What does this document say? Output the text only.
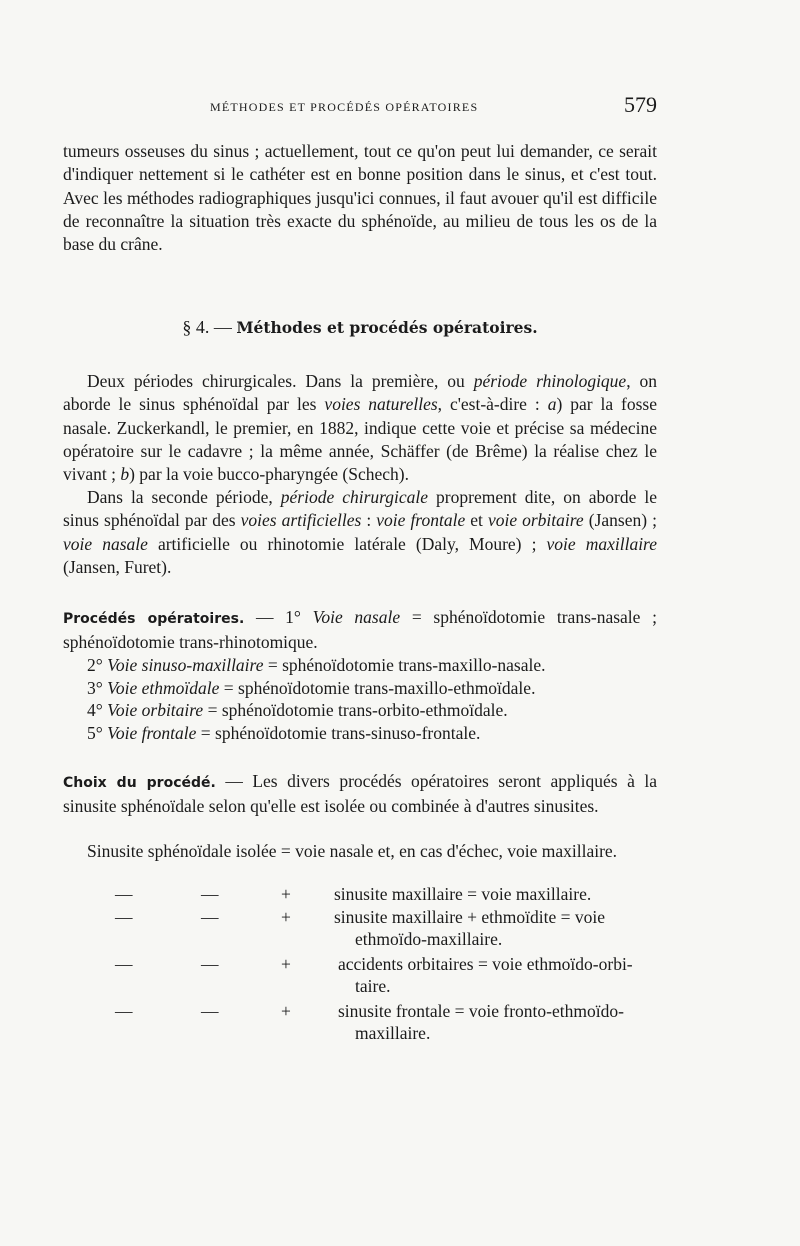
MÉTHODES ET PROCÉDÉS OPÉRATOIRES	579
tumeurs osseuses du sinus ; actuellement, tout ce qu'on peut lui demander, ce serait d'indiquer nettement si le cathéter est en bonne position dans le sinus, et c'est tout. Avec les méthodes radiographiques jusqu'ici connues, il faut avouer qu'il est difficile de reconnaître la situation très exacte du sphénoïde, au milieu de tous les os de la base du crâne.
§ 4. — Méthodes et procédés opératoires.
Deux périodes chirurgicales. Dans la première, ou période rhinologique, on aborde le sinus sphénoïdal par les voies naturelles, c'est-à-dire : a) par la fosse nasale. Zuckerkandl, le premier, en 1882, indique cette voie et précise sa médecine opératoire sur le cadavre ; la même année, Schäffer (de Brême) la réalise chez le vivant ; b) par la voie bucco-pharyngée (Schech).
Dans la seconde période, période chirurgicale proprement dite, on aborde le sinus sphénoïdal par des voies artificielles : voie frontale et voie orbitaire (Jansen) ; voie nasale artificielle ou rhinotomie latérale (Daly, Moure) ; voie maxillaire (Jansen, Furet).
Procédés opératoires. — 1° Voie nasale = sphénoïdotomie trans-nasale ; sphénoïdotomie trans-rhinotomique.
2° Voie sinuso-maxillaire = sphénoïdotomie trans-maxillo-nasale.
3° Voie ethmoïdale = sphénoïdotomie trans-maxillo-ethmoïdale.
4° Voie orbitaire = sphénoïdotomie trans-orbito-ethmoïdale.
5° Voie frontale = sphénoïdotomie trans-sinuso-frontale.
Choix du procédé. — Les divers procédés opératoires seront appliqués à la sinusite sphénoïdale selon qu'elle est isolée ou combinée à d'autres sinusites.
Sinusite sphénoïdale isolée = voie nasale et, en cas d'échec, voie maxillaire.
—	—	+ sinusite maxillaire = voie maxillaire.
—	—	+ sinusite maxillaire + ethmoïdite = voie
ethmoïdo-maxillaire.
—	—	+	accidents orbitaires = voie ethmoïdo-orbi-
taire.
—	—	+	sinusite frontale = voie fronto-ethmoïdo-
maxillaire.
